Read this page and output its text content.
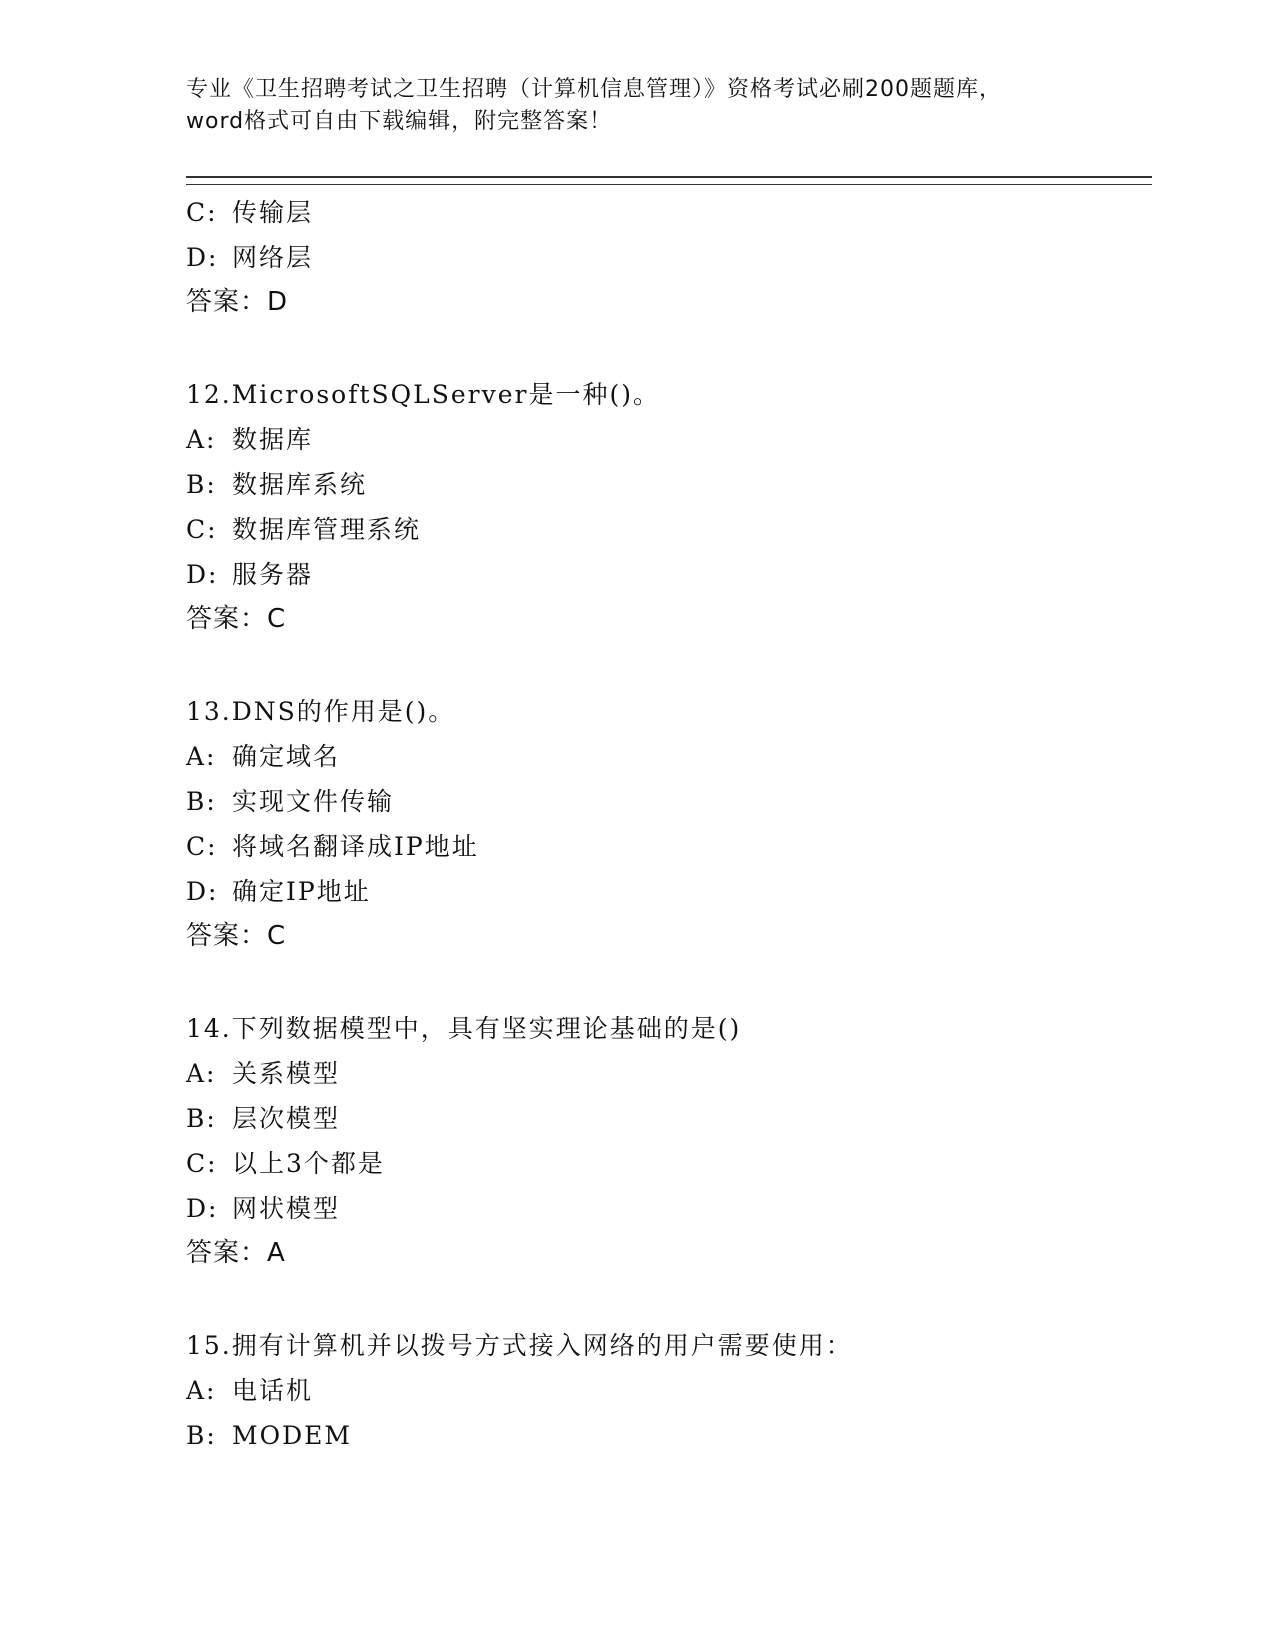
专业《卫生招聘考试之卫生招聘（计算机信息管理）》资格考试必刷200题题库，
word格式可自由下载编辑，附完整答案！
C: 传输层
D: 网络层
答案：D
12.MicrosoftSQLServer是一种()。
A: 数据库
B: 数据库系统
C: 数据库管理系统
D: 服务器
答案：C
13.DNS的作用是()。
A: 确定域名
B: 实现文件传输
C: 将域名翻译成IP地址
D: 确定IP地址
答案：C
14.下列数据模型中，具有坚实理论基础的是()
A: 关系模型
B: 层次模型
C: 以上3个都是
D: 网状模型
答案：A
15.拥有计算机并以拨号方式接入网络的用户需要使用：
A: 电话机
B: MODEM
